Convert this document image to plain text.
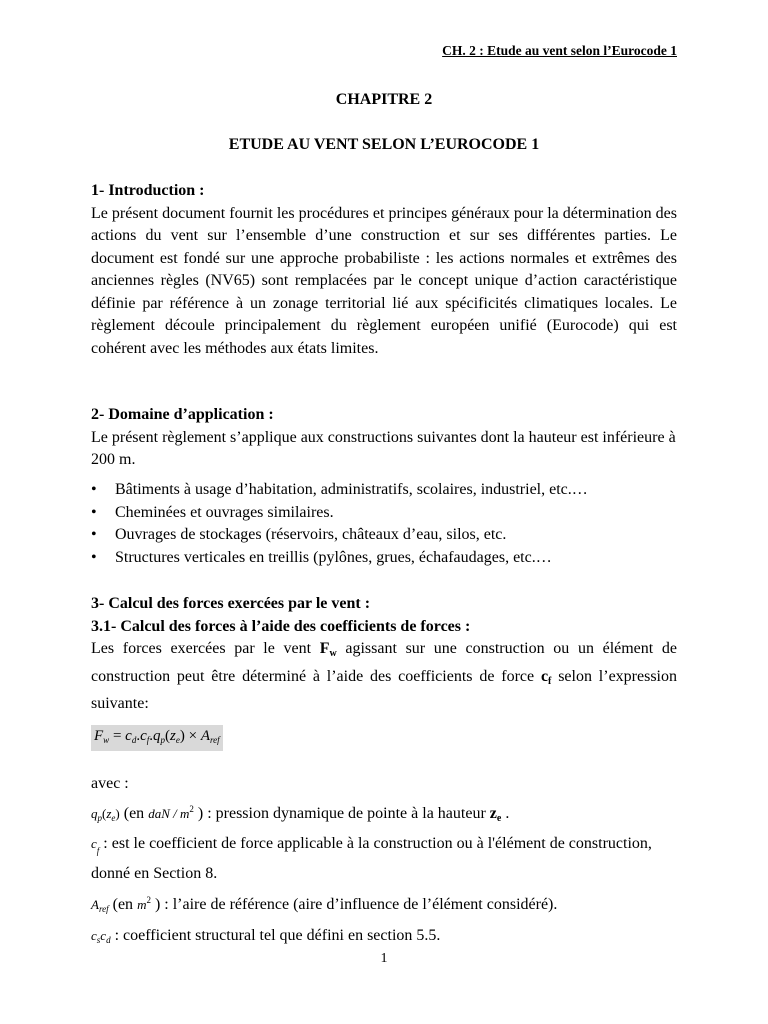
CH. 2 : Etude au vent selon l’Eurocode 1
CHAPITRE 2
ETUDE AU VENT SELON L’EUROCODE 1
1- Introduction :
Le présent document fournit les procédures et principes généraux pour la détermination des actions du vent sur l’ensemble d’une construction et sur ses différentes parties. Le document est fondé sur une approche probabiliste : les actions normales et extrêmes des anciennes règles (NV65) sont remplacées par le concept unique d’action caractéristique définie par référence à un zonage territorial lié aux spécificités climatiques locales. Le règlement découle principalement du règlement européen unifié (Eurocode) qui est cohérent avec les méthodes aux états limites.
2- Domaine d’application :
Le présent règlement s’applique aux constructions suivantes dont la hauteur est inférieure à 200 m.
• Bâtiments à usage d’habitation, administratifs, scolaires, industriel, etc.…
• Cheminées et ouvrages similaires.
• Ouvrages de stockages (réservoirs, châteaux d’eau, silos, etc.
• Structures verticales en treillis (pylônes, grues, échafaudages, etc.…
3- Calcul des forces exercées par le vent :
3.1- Calcul des forces à l’aide des coefficients de forces :
Les forces exercées par le vent Fw agissant sur une construction ou un élément de construction peut être déterminé à l’aide des coefficients de force cf selon l’expression suivante:
$F_w = c_d.c_f.q_p(z_e) \times A_{ref}$
avec :
$q_p(z_e)$ (en daN / $m^2$ ) : pression dynamique de pointe à la hauteur ze .
$c_f$ : est le coefficient de force applicable à la construction ou à l'élément de construction, donné en Section 8.
$A_{ref}$ (en $m^2$ ) : l’aire de référence (aire d’influence de l’élément considéré).
$c_sc_d$ : coefficient structural tel que défini en section 5.5.
1
